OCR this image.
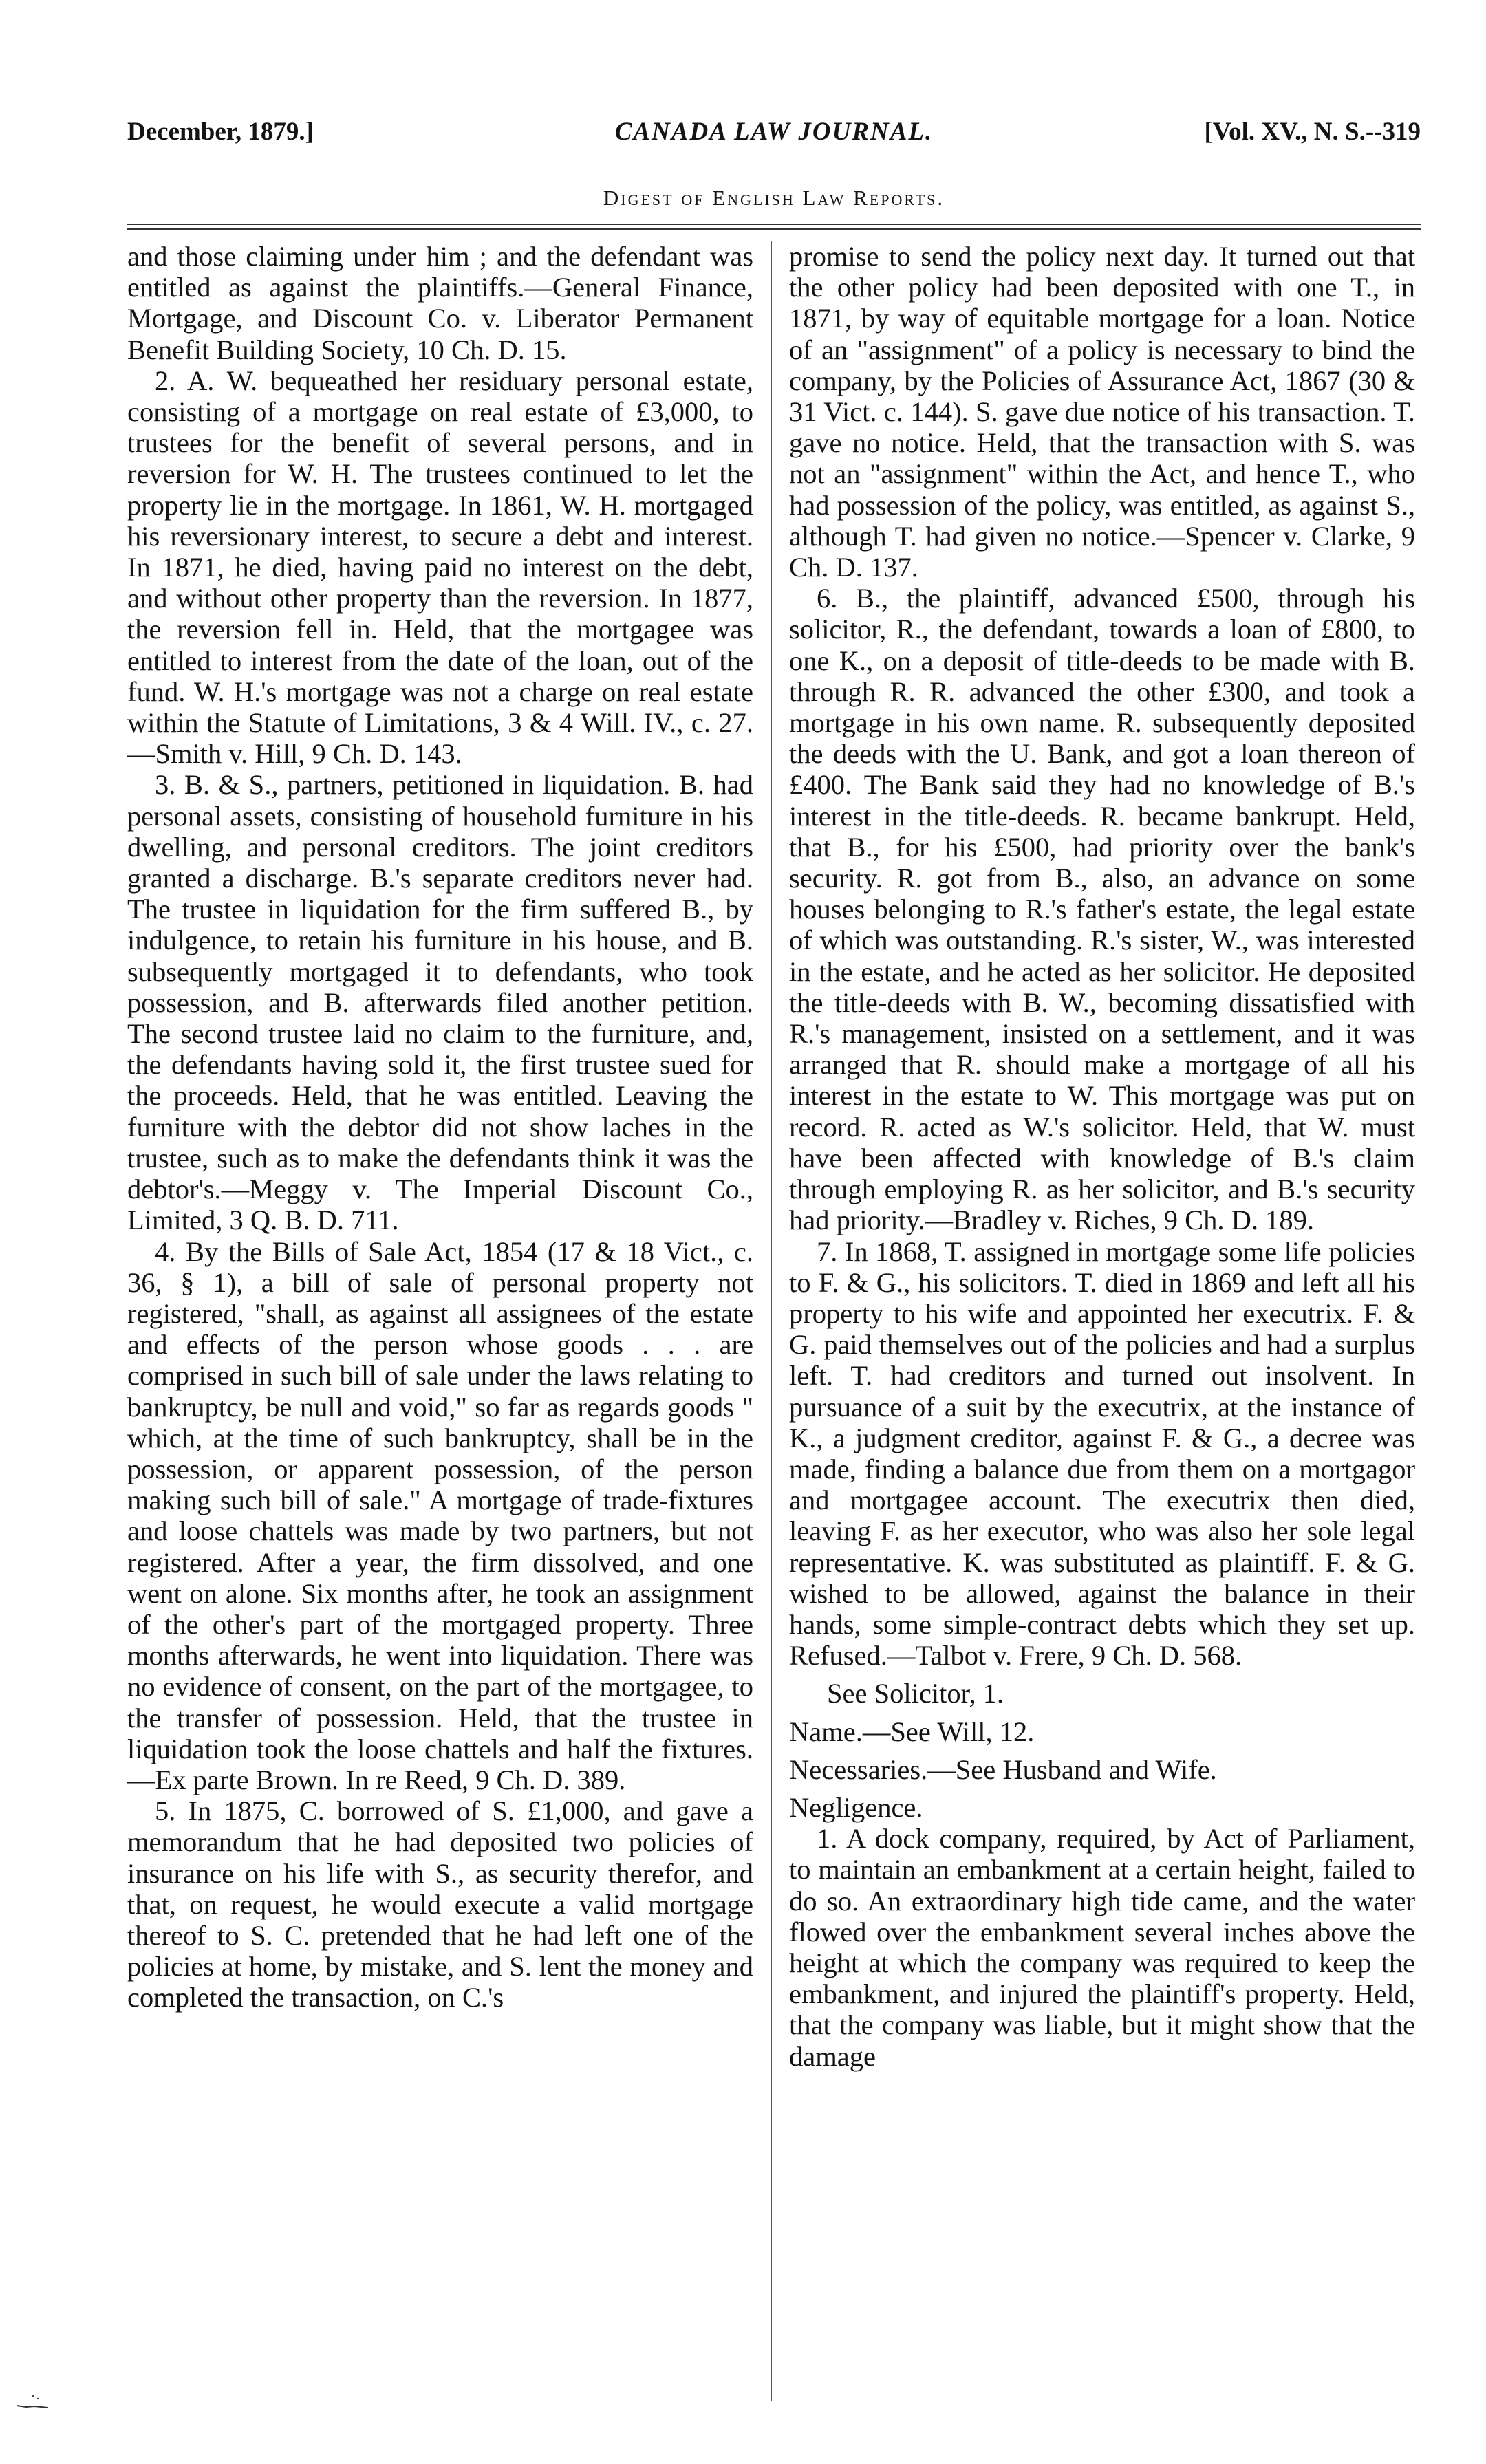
December, 1879.]	CANADA LAW JOURNAL.	[Vol. XV., N. S.--319
Digest of English Law Reports.

and those claiming under him ; and the defendant was entitled as against the plaintiffs.—General Finance, Mortgage, and Discount Co. v. Liberator Permanent Benefit Building Society, 10 Ch. D. 15.

2. A. W. bequeathed her residuary personal estate, consisting of a mortgage on real estate of £3,000, to trustees for the benefit of several persons, and in reversion for W. H. The trustees continued to let the property lie in the mortgage. In 1861, W. H. mortgaged his reversionary interest, to secure a debt and interest. In 1871, he died, having paid no interest on the debt, and without other property than the reversion. In 1877, the reversion fell in. Held, that the mortgagee was entitled to interest from the date of the loan, out of the fund. W. H.'s mortgage was not a charge on real estate within the Statute of Limitations, 3 & 4 Will. IV., c. 27.—Smith v. Hill, 9 Ch. D. 143.

3. B. & S., partners, petitioned in liquidation. B. had personal assets, consisting of household furniture in his dwelling, and personal creditors. The joint creditors granted a discharge. B.'s separate creditors never had. The trustee in liquidation for the firm suffered B., by indulgence, to retain his furniture in his house, and B. subsequently mortgaged it to defendants, who took possession, and B. afterwards filed another petition. The second trustee laid no claim to the furniture, and, the defendants having sold it, the first trustee sued for the proceeds. Held, that he was entitled. Leaving the furniture with the debtor did not show laches in the trustee, such as to make the defendants think it was the debtor's.—Meggy v. The Imperial Discount Co., Limited, 3 Q. B. D. 711.

4. By the Bills of Sale Act, 1854 (17 & 18 Vict., c. 36, § 1), a bill of sale of personal property not registered, "shall, as against all assignees of the estate and effects of the person whose goods . . . are comprised in such bill of sale under the laws relating to bankruptcy, be null and void," so far as regards goods " which, at the time of such bankruptcy, shall be in the possession, or apparent possession, of the person making such bill of sale." A mortgage of trade-fixtures and loose chattels was made by two partners, but not registered. After a year, the firm dissolved, and one went on alone. Six months after, he took an assignment of the other's part of the mortgaged property. Three months afterwards, he went into liquidation. There was no evidence of consent, on the part of the mortgagee, to the transfer of possession. Held, that the trustee in liquidation took the loose chattels and half the fixtures.—Ex parte Brown. In re Reed, 9 Ch. D. 389.

5. In 1875, C. borrowed of S. £1,000, and gave a memorandum that he had deposited two policies of insurance on his life with S., as security therefor, and that, on request, he would execute a valid mortgage thereof to S. C. pretended that he had left one of the policies at home, by mistake, and S. lent the money and completed the transaction, on C.'s

promise to send the policy next day. It turned out that the other policy had been deposited with one T., in 1871, by way of equitable mortgage for a loan. Notice of an "assignment" of a policy is necessary to bind the company, by the Policies of Assurance Act, 1867 (30 & 31 Vict. c. 144). S. gave due notice of his transaction. T. gave no notice. Held, that the transaction with S. was not an "assignment" within the Act, and hence T., who had possession of the policy, was entitled, as against S., although T. had given no notice.—Spencer v. Clarke, 9 Ch. D. 137.

6. B., the plaintiff, advanced £500, through his solicitor, R., the defendant, towards a loan of £800, to one K., on a deposit of title-deeds to be made with B. through R. R. advanced the other £300, and took a mortgage in his own name. R. subsequently deposited the deeds with the U. Bank, and got a loan thereon of £400. The Bank said they had no knowledge of B.'s interest in the title-deeds. R. became bankrupt. Held, that B., for his £500, had priority over the bank's security. R. got from B., also, an advance on some houses belonging to R.'s father's estate, the legal estate of which was outstanding. R.'s sister, W., was interested in the estate, and he acted as her solicitor. He deposited the title-deeds with B. W., becoming dissatisfied with R.'s management, insisted on a settlement, and it was arranged that R. should make a mortgage of all his interest in the estate to W. This mortgage was put on record. R. acted as W.'s solicitor. Held, that W. must have been affected with knowledge of B.'s claim through employing R. as her solicitor, and B.'s security had priority.—Bradley v. Riches, 9 Ch. D. 189.

7. In 1868, T. assigned in mortgage some life policies to F. & G., his solicitors. T. died in 1869 and left all his property to his wife and appointed her executrix. F. & G. paid themselves out of the policies and had a surplus left. T. had creditors and turned out insolvent. In pursuance of a suit by the executrix, at the instance of K., a judgment creditor, against F. & G., a decree was made, finding a balance due from them on a mortgagor and mortgagee account. The executrix then died, leaving F. as her executor, who was also her sole legal representative. K. was substituted as plaintiff. F. & G. wished to be allowed, against the balance in their hands, some simple-contract debts which they set up. Refused.—Talbot v. Frere, 9 Ch. D. 568.

See Solicitor, 1.

Name.—See Will, 12.

Necessaries.—See Husband and Wife.

Negligence.

1. A dock company, required, by Act of Parliament, to maintain an embankment at a certain height, failed to do so. An extraordinary high tide came, and the water flowed over the embankment several inches above the height at which the company was required to keep the embankment, and injured the plaintiff's property. Held, that the company was liable, but it might show that the damage
